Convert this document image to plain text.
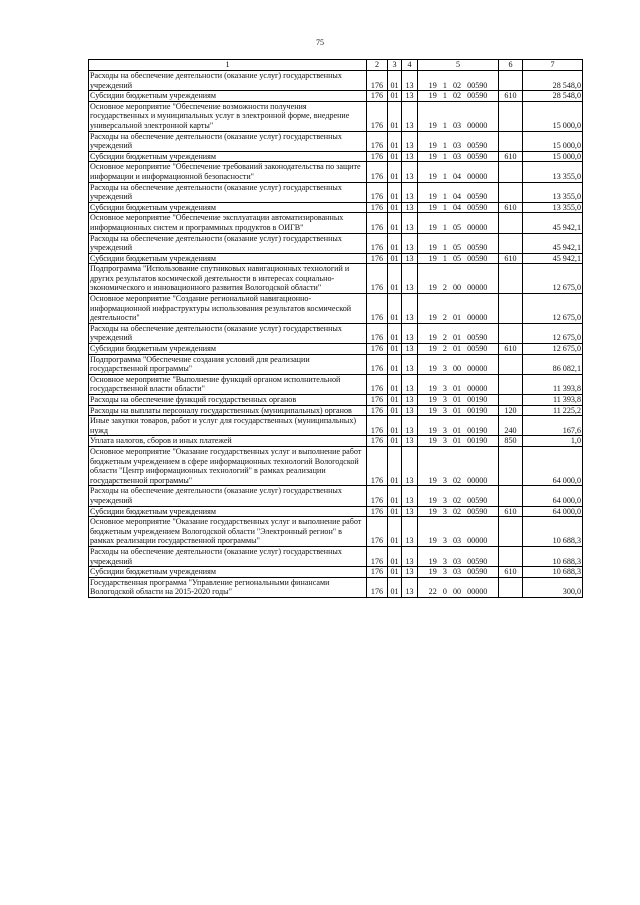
75
1	2	3	4	5	6	7
Расходы на обеспечение деятельности (оказание услуг) государственных учреждений	176	01	13	19   1   02   00590		28 548,0
Субсидии бюджетным учреждениям	176	01	13	19   1   02   00590	610	28 548,0
Основное мероприятие "Обеспечение возможности получения государственных и муниципальных услуг в электронной форме, внедрение универсальной электронной карты"	176	01	13	19   1   03   00000		15 000,0
Расходы на обеспечение деятельности (оказание услуг) государственных учреждений	176	01	13	19   1   03   00590		15 000,0
Субсидии бюджетным учреждениям	176	01	13	19   1   03   00590	610	15 000,0
Основное мероприятие "Обеспечение требований законодательства по защите информации и информационной безопасности"	176	01	13	19   1   04   00000		13 355,0
Расходы на обеспечение деятельности (оказание услуг) государственных учреждений	176	01	13	19   1   04   00590		13 355,0
Субсидии бюджетным учреждениям	176	01	13	19   1   04   00590	610	13 355,0
Основное мероприятие "Обеспечение эксплуатации автоматизированных информационных систем и программных продуктов в ОИГВ"	176	01	13	19   1   05   00000		45 942,1
Расходы на обеспечение деятельности (оказание услуг) государственных учреждений	176	01	13	19   1   05   00590		45 942,1
Субсидии бюджетным учреждениям	176	01	13	19   1   05   00590	610	45 942,1
Подпрограмма "Использование спутниковых навигационных технологий и других результатов космической деятельности в интересах социально-экономического и инновационного развития Вологодской области"	176	01	13	19   2   00   00000		12 675,0
Основное мероприятие "Создание региональной навигационно-информационной инфраструктуры использования результатов космической деятельности"	176	01	13	19   2   01   00000		12 675,0
Расходы на обеспечение деятельности (оказание услуг) государственных учреждений	176	01	13	19   2   01   00590		12 675,0
Субсидии бюджетным учреждениям	176	01	13	19   2   01   00590	610	12 675,0
Подпрограмма "Обеспечение создания условий для реализации государственной программы"	176	01	13	19   3   00   00000		86 082,1
Основное мероприятие "Выполнение функций органом исполнительной государственной власти области"	176	01	13	19   3   01   00000		11 393,8
Расходы на обеспечение функций государственных органов	176	01	13	19   3   01   00190		11 393,8
Расходы на выплаты персоналу государственных (муниципальных) органов	176	01	13	19   3   01   00190	120	11 225,2
Иные закупки товаров, работ и услуг для государственных (муниципальных) нужд	176	01	13	19   3   01   00190	240	167,6
Уплата налогов, сборов и иных платежей	176	01	13	19   3   01   00190	850	1,0
Основное мероприятие "Оказание государственных услуг и выполнение работ бюджетным учреждением в сфере информационных технологий Вологодской области "Центр информационных технологий" в рамках реализации государственной программы"	176	01	13	19   3   02   00000		64 000,0
Расходы на обеспечение деятельности (оказание услуг) государственных учреждений	176	01	13	19   3   02   00590		64 000,0
Субсидии бюджетным учреждениям	176	01	13	19   3   02   00590	610	64 000,0
Основное мероприятие "Оказание государственных услуг и выполнение работ бюджетным учреждением Вологодской области "Электронный регион" в рамках реализации государственной программы"	176	01	13	19   3   03   00000		10 688,3
Расходы на обеспечение деятельности (оказание услуг) государственных учреждений	176	01	13	19   3   03   00590		10 688,3
Субсидии бюджетным учреждениям	176	01	13	19   3   03   00590	610	10 688,3
Государственная программа "Управление региональными финансами Вологодской области на 2015-2020 годы"	176	01	13	22   0   00   00000		300,0
